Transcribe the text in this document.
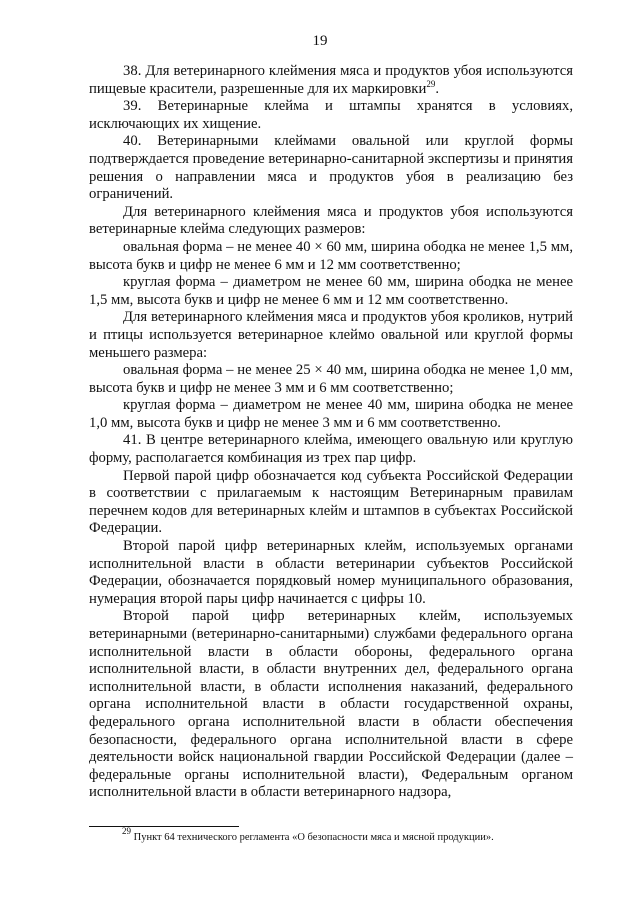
19

38. Для ветеринарного клеймения мяса и продуктов убоя используются пищевые красители, разрешенные для их маркировки$^{29}$.

39. Ветеринарные клейма и штампы хранятся в условиях, исключающих их хищение.

40. Ветеринарными клеймами овальной или круглой формы подтверждается проведение ветеринарно-санитарной экспертизы и принятия решения о направлении мяса и продуктов убоя в реализацию без ограничений.

Для ветеринарного клеймения мяса и продуктов убоя используются ветеринарные клейма следующих размеров:

овальная форма – не менее 40 × 60 мм, ширина ободка не менее 1,5 мм, высота букв и цифр не менее 6 мм и 12 мм соответственно;

круглая форма – диаметром не менее 60 мм, ширина ободка не менее 1,5 мм, высота букв и цифр не менее 6 мм и 12 мм соответственно.

Для ветеринарного клеймения мяса и продуктов убоя кроликов, нутрий и птицы используется ветеринарное клеймо овальной или круглой формы меньшего размера:

овальная форма – не менее 25 × 40 мм, ширина ободка не менее 1,0 мм, высота букв и цифр не менее 3 мм и 6 мм соответственно;

круглая форма – диаметром не менее 40 мм, ширина ободка не менее 1,0 мм, высота букв и цифр не менее 3 мм и 6 мм соответственно.

41. В центре ветеринарного клейма, имеющего овальную или круглую форму, располагается комбинация из трех пар цифр.

Первой парой цифр обозначается код субъекта Российской Федерации в соответствии с прилагаемым к настоящим Ветеринарным правилам перечнем кодов для ветеринарных клейм и штампов в субъектах Российской Федерации.

Второй парой цифр ветеринарных клейм, используемых органами исполнительной власти в области ветеринарии субъектов Российской Федерации, обозначается порядковый номер муниципального образования, нумерация второй пары цифр начинается с цифры 10.

Второй парой цифр ветеринарных клейм, используемых ветеринарными (ветеринарно-санитарными) службами федерального органа исполнительной власти в области обороны, федерального органа исполнительной власти, в области внутренних дел, федерального органа исполнительной власти, в области исполнения наказаний, федерального органа исполнительной власти в области государственной охраны, федерального органа исполнительной власти в области обеспечения безопасности, федерального органа исполнительной власти в сфере деятельности войск национальной гвардии Российской Федерации (далее – федеральные органы исполнительной власти), Федеральным органом исполнительной власти в области ветеринарного надзора,

$^{29}$ Пункт 64 технического регламента «О безопасности мяса и мясной продукции».
